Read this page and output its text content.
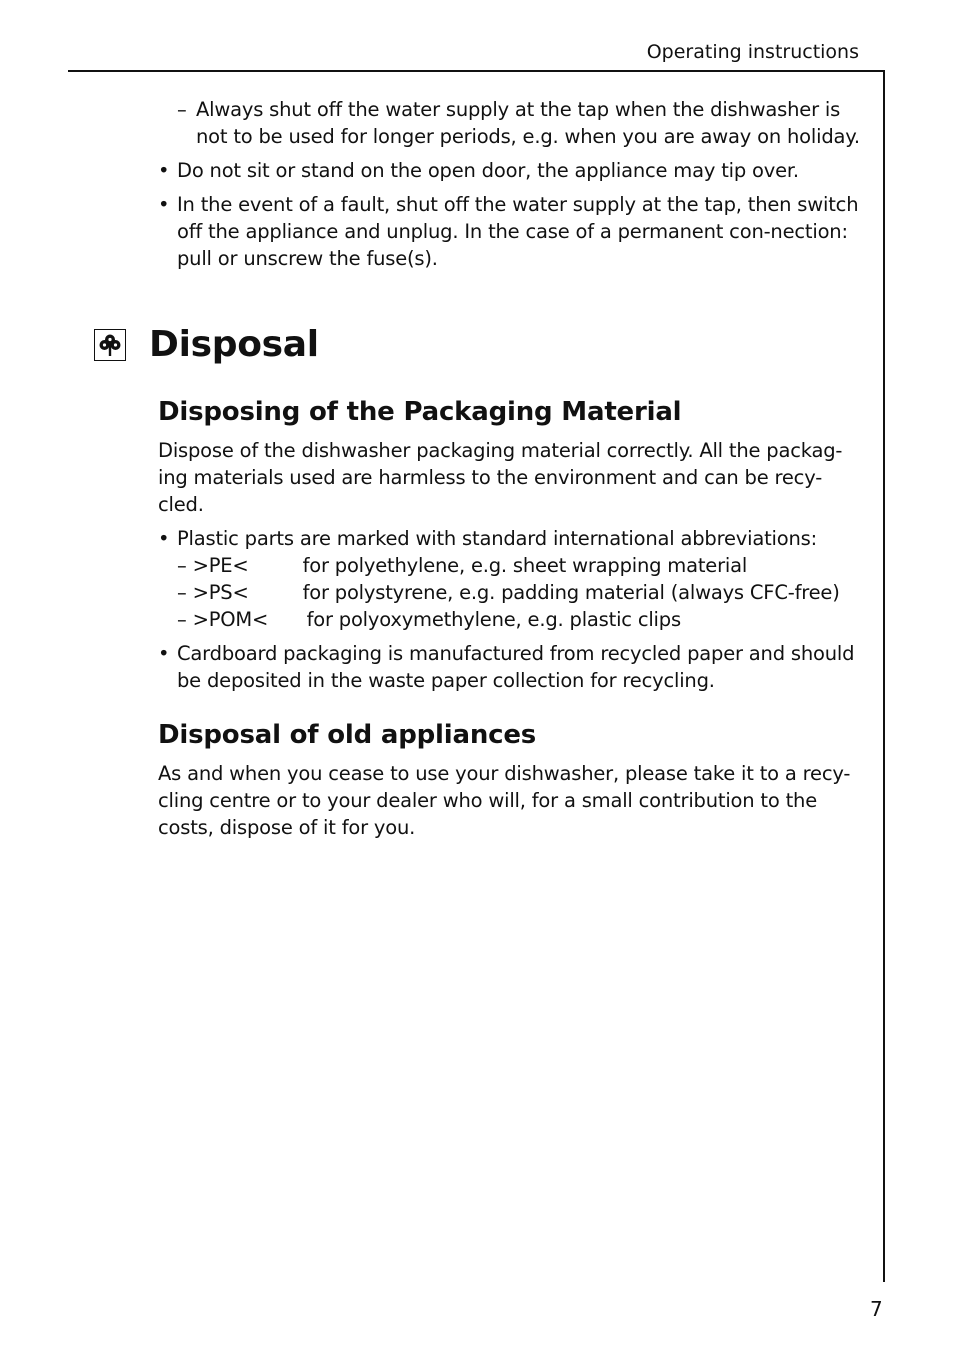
Operating instructions

– Always shut off the water supply at the tap when the dishwasher is not to be used for longer periods, e.g. when you are away on holiday.

• Do not sit or stand on the open door, the appliance may tip over.

• In the event of a fault, shut off the water supply at the tap, then switch off the appliance and unplug. In the case of a permanent con-nection: pull or unscrew the fuse(s).

Disposal
Disposing of the Packaging Material

Dispose of the dishwasher packaging material correctly. All the packag-ing materials used are harmless to the environment and can be recy-cled.

• Plastic parts are marked with standard international abbreviations:
– >PE<	for polyethylene, e.g. sheet wrapping material
– >PS<	for polystyrene, e.g. padding material (always CFC-free)
– >POM< for polyoxymethylene, e.g. plastic clips
• Cardboard packaging is manufactured from recycled paper and should be deposited in the waste paper collection for recycling.
Disposal of old appliances

As and when you cease to use your dishwasher, please take it to a recy-cling centre or to your dealer who will, for a small contribution to the costs, dispose of it for you.

7
